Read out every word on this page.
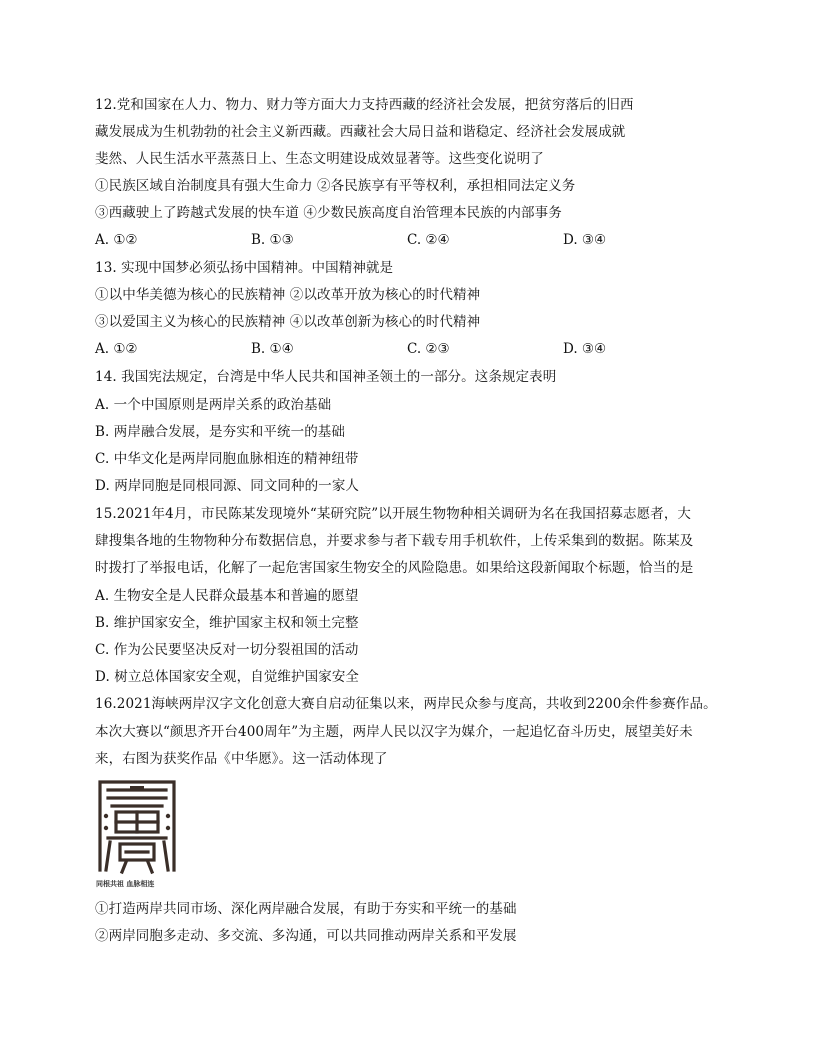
12.党和国家在人力、物力、财力等方面大力支持西藏的经济社会发展，把贫穷落后的旧西
藏发展成为生机勃勃的社会主义新西藏。西藏社会大局日益和谐稳定、经济社会发展成就
斐然、人民生活水平蒸蒸日上、生态文明建设成效显著等。这些变化说明了
①民族区域自治制度具有强大生命力 ②各民族享有平等权利，承担相同法定义务
③西藏驶上了跨越式发展的快车道 ④少数民族高度自治管理本民族的内部事务
A. ①②	B. ①③	C. ②④	D. ③④
13. 实现中国梦必须弘扬中国精神。中国精神就是
①以中华美德为核心的民族精神 ②以改革开放为核心的时代精神
③以爱国主义为核心的民族精神 ④以改革创新为核心的时代精神
A. ①②	B. ①④	C. ②③	D. ③④
14. 我国宪法规定，台湾是中华人民共和国神圣领土的一部分。这条规定表明
A. 一个中国原则是两岸关系的政治基础
B. 两岸融合发展，是夯实和平统一的基础
C. 中华文化是两岸同胞血脉相连的精神纽带
D. 两岸同胞是同根同源、同文同种的一家人
15.2021年4月，市民陈某发现境外“某研究院”以开展生物物种相关调研为名在我国招募志愿者，大
肆搜集各地的生物物种分布数据信息，并要求参与者下载专用手机软件，上传采集到的数据。陈某及
时拨打了举报电话，化解了一起危害国家生物安全的风险隐患。如果给这段新闻取个标题，恰当的是
A. 生物安全是人民群众最基本和普遍的愿望
B. 维护国家安全，维护国家主权和领土完整
C. 作为公民要坚决反对一切分裂祖国的活动
D. 树立总体国家安全观，自觉维护国家安全
16.2021海峡两岸汉字文化创意大赛自启动征集以来，两岸民众参与度高，共收到2200余件参赛作品。
本次大赛以“颜思齐开台400周年”为主题，两岸人民以汉字为媒介，一起追忆奋斗历史，展望美好未
来，右图为获奖作品《中华愿》。这一活动体现了
同根共祖 血脉相连
①打造两岸共同市场、深化两岸融合发展，有助于夯实和平统一的基础
②两岸同胞多走动、多交流、多沟通，可以共同推动两岸关系和平发展
